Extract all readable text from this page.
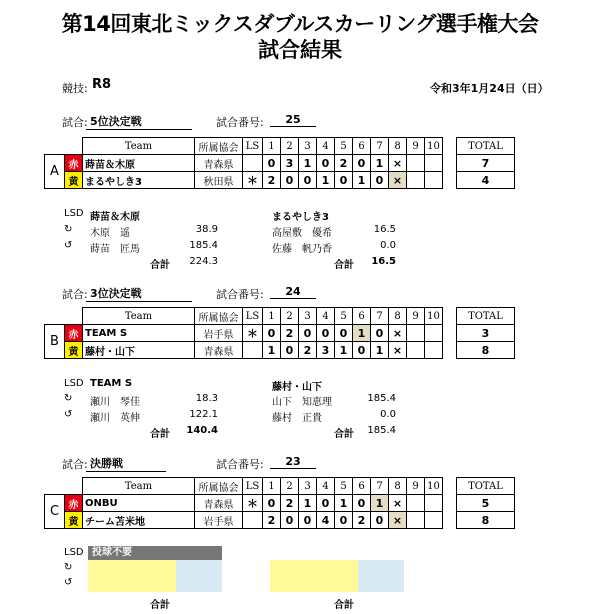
第14回東北ミックスダブルスカーリング選手権大会
試合結果
競技: R8	令和3年1月24日（日）
試合: 5位決定戦	試合番号:	25
		Team	所属協会	LS	1	2	3	4	5	6	7	8	9	10		TOTAL
A	赤	蒔苗＆木原	青森県		0	3	1	0	2	0	1	×				7
	黄	まるやしき3	秋田県	＊	2	0	0	1	0	1	0	×				4
LSD 蒔苗＆木原
↻ 木原　遥	38.9
↺ 蒔苗　匠馬	185.4
合計	224.3
まるやしき3
高屋敷　優希	16.5
佐藤　帆乃香	0.0
合計	16.5
試合: 3位決定戦	試合番号:	24
		Team	所属協会	LS	1	2	3	4	5	6	7	8	9	10		TOTAL
B	赤	TEAM S	岩手県	＊	0	2	0	0	0	1	0	×				3
	黄	藤村・山下	青森県		1	0	2	3	1	0	1	×				8
LSD TEAM S
↻ 瀬川　琴佳	18.3
↺ 瀬川　英伸	122.1
合計	140.4
藤村・山下
山下　知恵理	185.4
藤村　正貴	0.0
合計	185.4
試合: 決勝戦	試合番号:	23
		Team	所属協会	LS	1	2	3	4	5	6	7	8	9	10		TOTAL
C	赤	ONBU	青森県	＊	0	2	1	0	1	0	1	×				5
	黄	チーム苫米地	岩手県		2	0	0	4	0	2	0	×				8
LSD 投球不要
↻
↺
合計	合計
